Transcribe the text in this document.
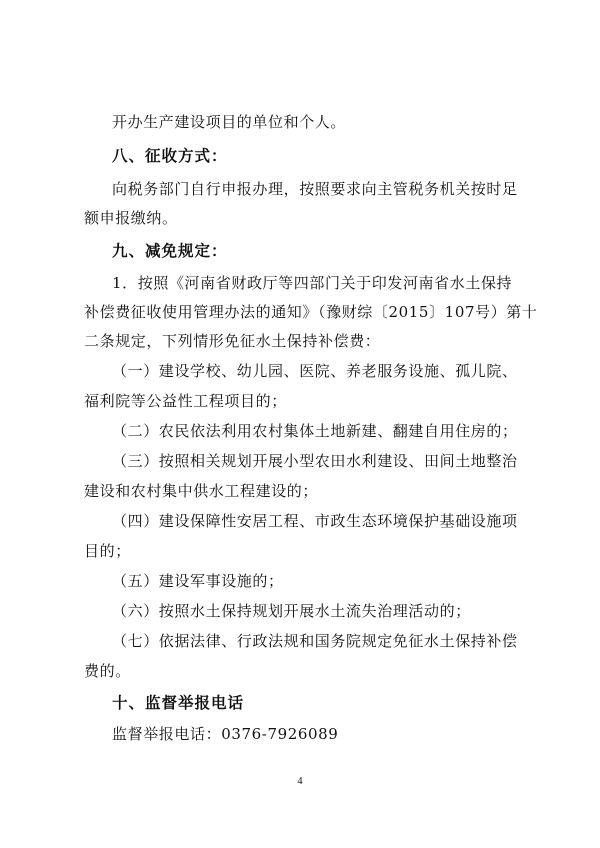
开办生产建设项目的单位和个人。
八、征收方式：
向税务部门自行申报办理，按照要求向主管税务机关按时足
额申报缴纳。
九、减免规定：
1．按照《河南省财政厅等四部门关于印发河南省水土保持
补偿费征收使用管理办法的通知》（豫财综〔2015〕107号）第十
二条规定，下列情形免征水土保持补偿费：
（一）建设学校、幼儿园、医院、养老服务设施、孤儿院、
福利院等公益性工程项目的；
（二）农民依法利用农村集体土地新建、翻建自用住房的；
（三）按照相关规划开展小型农田水利建设、田间土地整治
建设和农村集中供水工程建设的；
（四）建设保障性安居工程、市政生态环境保护基础设施项
目的；
（五）建设军事设施的；
（六）按照水土保持规划开展水土流失治理活动的；
（七）依据法律、行政法规和国务院规定免征水土保持补偿
费的。
十、监督举报电话
监督举报电话：0376-7926089
4
